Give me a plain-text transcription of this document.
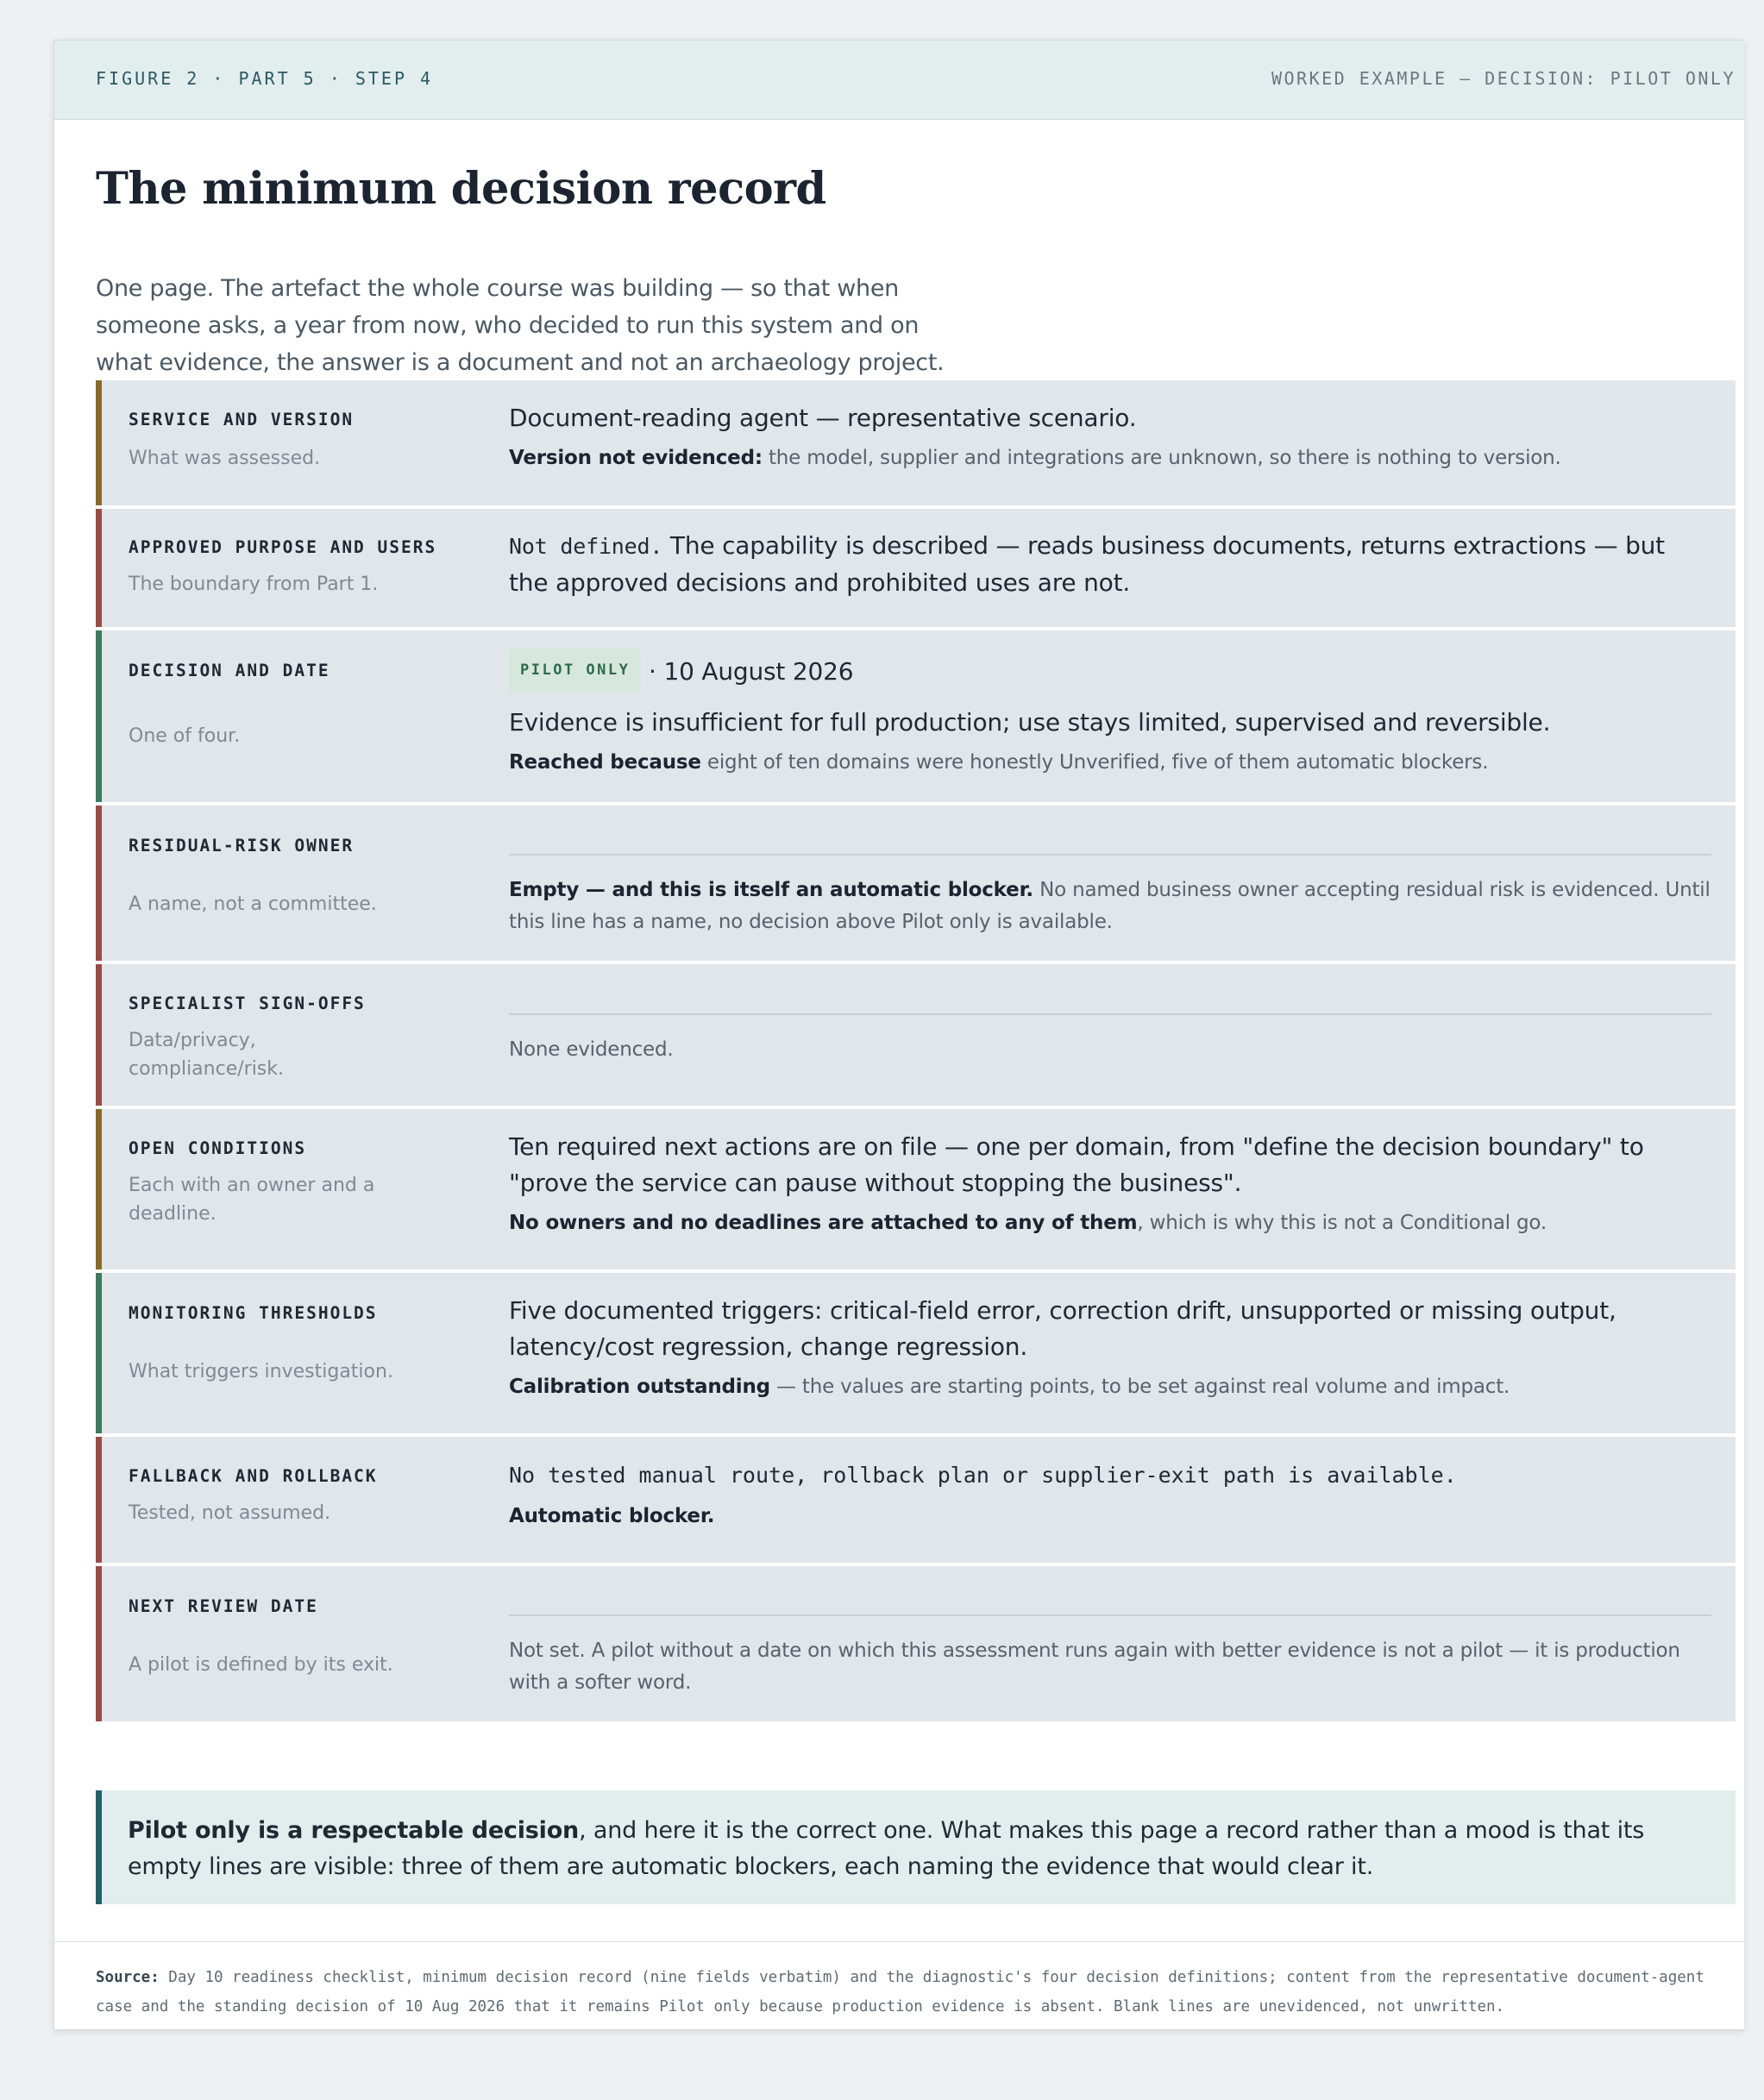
FIGURE 2 · PART 5 · STEP 4	WORKED EXAMPLE — DECISION: PILOT ONLY
The minimum decision record

One page. The artefact the whole course was building — so that when someone asks, a year from now, who decided to run this system and on what evidence, the answer is a document and not an archaeology project.

SERVICE AND VERSION
What was assessed.
Document-reading agent — representative scenario.
Version not evidenced: the model, supplier and integrations are unknown, so there is nothing to version.
APPROVED PURPOSE AND USERS
The boundary from Part 1.
Not defined. The capability is described — reads business documents, returns extractions — but the approved decisions and prohibited uses are not.
DECISION AND DATE
One of four.
PILOT ONLY · 10 August 2026
Evidence is insufficient for full production; use stays limited, supervised and reversible.
Reached because eight of ten domains were honestly Unverified, five of them automatic blockers.
RESIDUAL-RISK OWNER
A name, not a committee.
Empty — and this is itself an automatic blocker. No named business owner accepting residual risk is evidenced. Until this line has a name, no decision above Pilot only is available.
SPECIALIST SIGN-OFFS
Data/privacy, compliance/risk.
None evidenced.
OPEN CONDITIONS
Each with an owner and a deadline.
Ten required next actions are on file — one per domain, from "define the decision boundary" to "prove the service can pause without stopping the business".
No owners and no deadlines are attached to any of them, which is why this is not a Conditional go.
MONITORING THRESHOLDS
What triggers investigation.
Five documented triggers: critical-field error, correction drift, unsupported or missing output, latency/cost regression, change regression.
Calibration outstanding — the values are starting points, to be set against real volume and impact.
FALLBACK AND ROLLBACK
Tested, not assumed.
No tested manual route, rollback plan or supplier-exit path is available.
Automatic blocker.
NEXT REVIEW DATE
A pilot is defined by its exit.
Not set. A pilot without a date on which this assessment runs again with better evidence is not a pilot — it is production with a softer word.

Pilot only is a respectable decision, and here it is the correct one. What makes this page a record rather than a mood is that its empty lines are visible: three of them are automatic blockers, each naming the evidence that would clear it.

Source: Day 10 readiness checklist, minimum decision record (nine fields verbatim) and the diagnostic's four decision definitions; content from the representative document-agent case and the standing decision of 10 Aug 2026 that it remains Pilot only because production evidence is absent. Blank lines are unevidenced, not unwritten.
